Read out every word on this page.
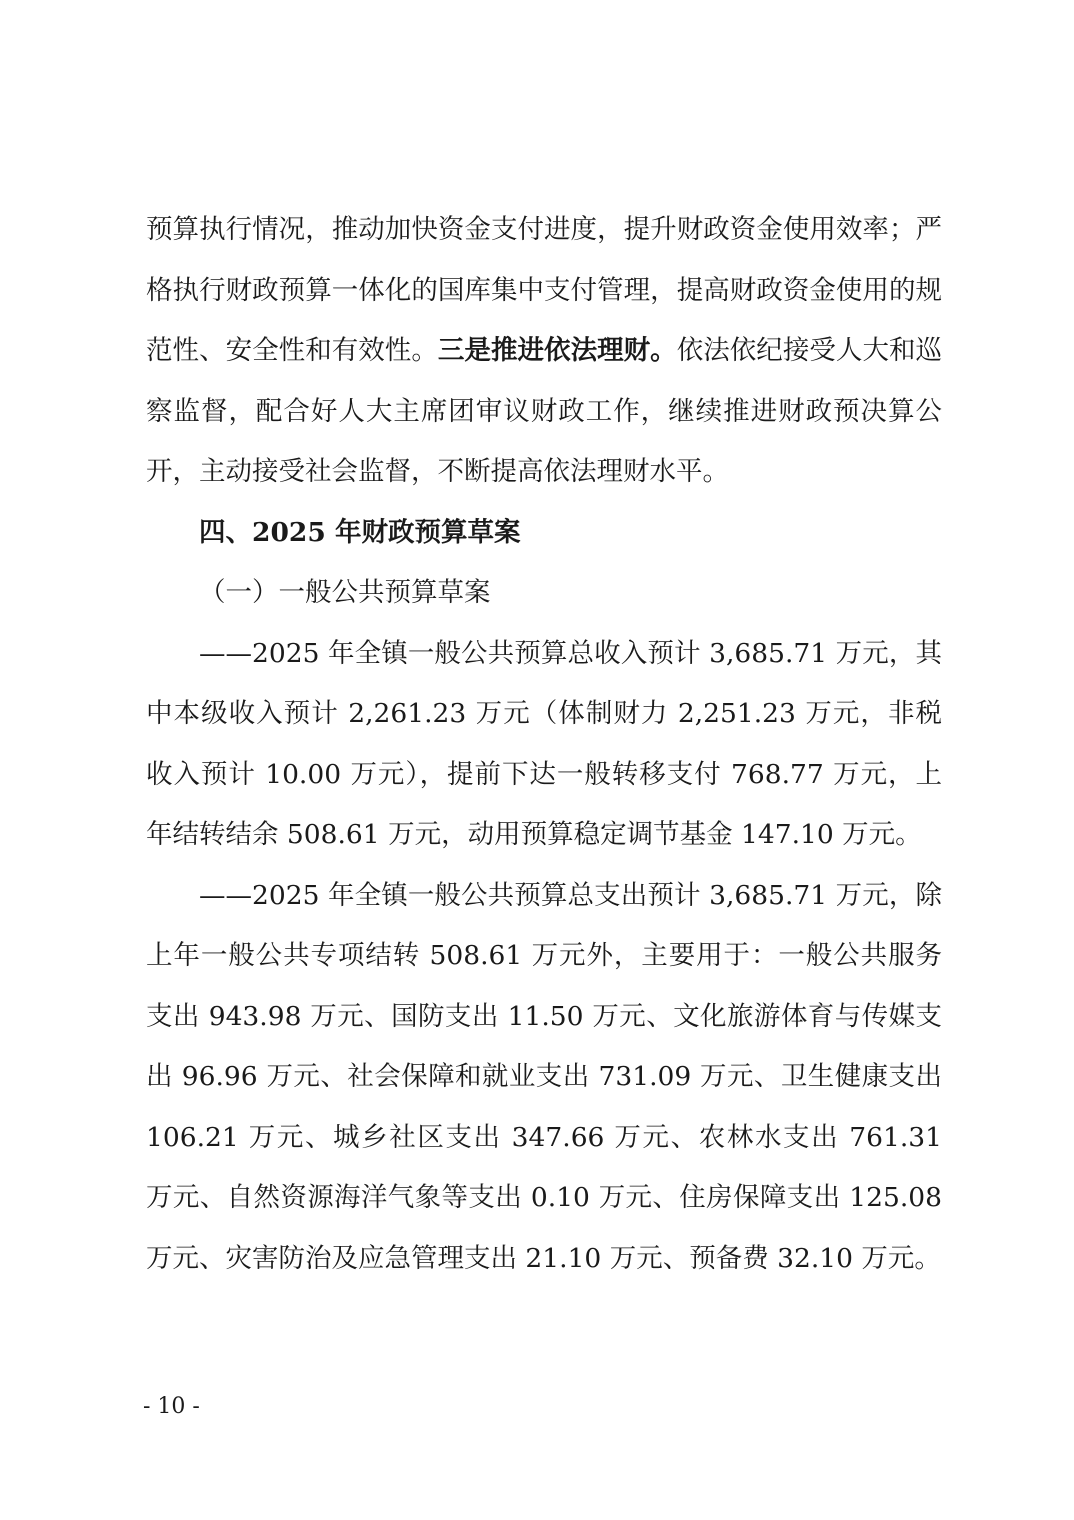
预算执行情况，推动加快资金支付进度，提升财政资金使用效率；严格执行财政预算一体化的国库集中支付管理，提高财政资金使用的规范性、安全性和有效性。三是推进依法理财。依法依纪接受人大和巡察监督，配合好人大主席团审议财政工作，继续推进财政预决算公开，主动接受社会监督，不断提高依法理财水平。

四、2025 年财政预算草案

（一）一般公共预算草案

——2025 年全镇一般公共预算总收入预计 3,685.71 万元，其中本级收入预计 2,261.23 万元（体制财力 2,251.23 万元，非税收入预计 10.00 万元），提前下达一般转移支付 768.77 万元，上年结转结余 508.61 万元，动用预算稳定调节基金 147.10 万元。

——2025 年全镇一般公共预算总支出预计 3,685.71 万元，除上年一般公共专项结转 508.61 万元外，主要用于：一般公共服务支出 943.98 万元、国防支出 11.50 万元、文化旅游体育与传媒支出 96.96 万元、社会保障和就业支出 731.09 万元、卫生健康支出 106.21 万元、城乡社区支出 347.66 万元、农林水支出 761.31 万元、自然资源海洋气象等支出 0.10 万元、住房保障支出 125.08 万元、灾害防治及应急管理支出 21.10 万元、预备费 32.10 万元。

- 10 -
